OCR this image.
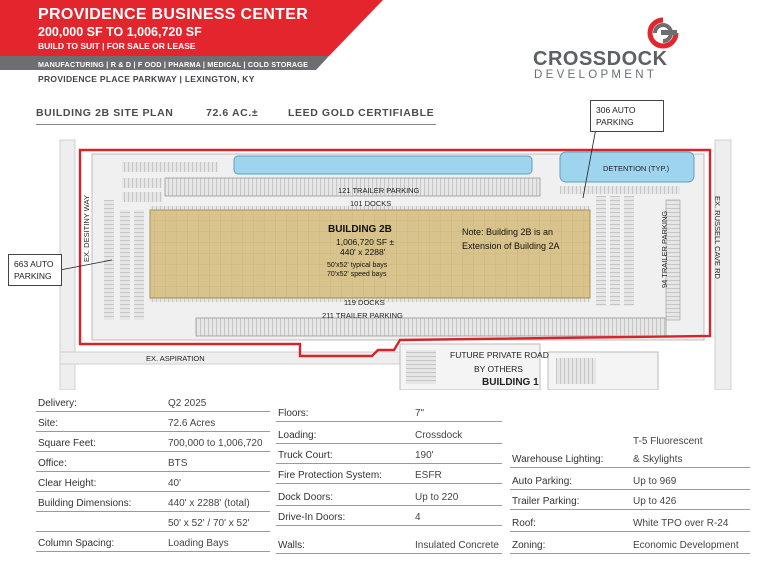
PROVIDENCE BUSINESS CENTER
200,000 SF TO 1,006,720 SF
BUILD TO SUIT | FOR SALE OR LEASE
MANUFACTURING | R & D | F OOD | PHARMA | MEDICAL | COLD STORAGE
PROVIDENCE PLACE PARKWAY | LEXINGTON, KY
CROSSDOCK
DEVELOPMENT
BUILDING 2B SITE PLAN	72.6 AC.±	LEED GOLD CERTIFIABLE	306 AUTO
PARKING
663 AUTO
PARKING
DETENTION (TYP.)
121 TRAILER PARKING
101 DOCKS
119 DOCKS
211 TRAILER PARKING
EX. ASPIRATION	FUTURE PRIVATE ROAD
BY OTHERS
BUILDING 1
EX. DESITINY WAY	EX. RUSSELL CAVE RD
94 TRAILER PARKING
BUILDING 2B
1,006,720 SF ±
440' x 2288'
50'x52' typical bays
70'x52' speed bays
Note: Building 2B is an Extension of Building 2A
Delivery:	Q2 2025
Site:	72.6 Acres
Square Feet:	700,000 to 1,006,720
Office:	BTS
Clear Height:	40'
Building Dimensions:	440' x 2288' (total)
50' x 52' / 70' x 52'
Column Spacing:	Loading Bays
Floors:	7"
Loading:	Crossdock
Truck Court:	190'
Fire Protection System:	ESFR
Dock Doors:	Up to 220
Drive-In Doors:	4
Walls:	Insulated Concrete
T-5 Fluorescent
Warehouse Lighting:	& Skylights
Auto Parking:	Up to 969
Trailer Parking:	Up to 426
Roof:	White TPO over R-24
Zoning:	Economic Development
